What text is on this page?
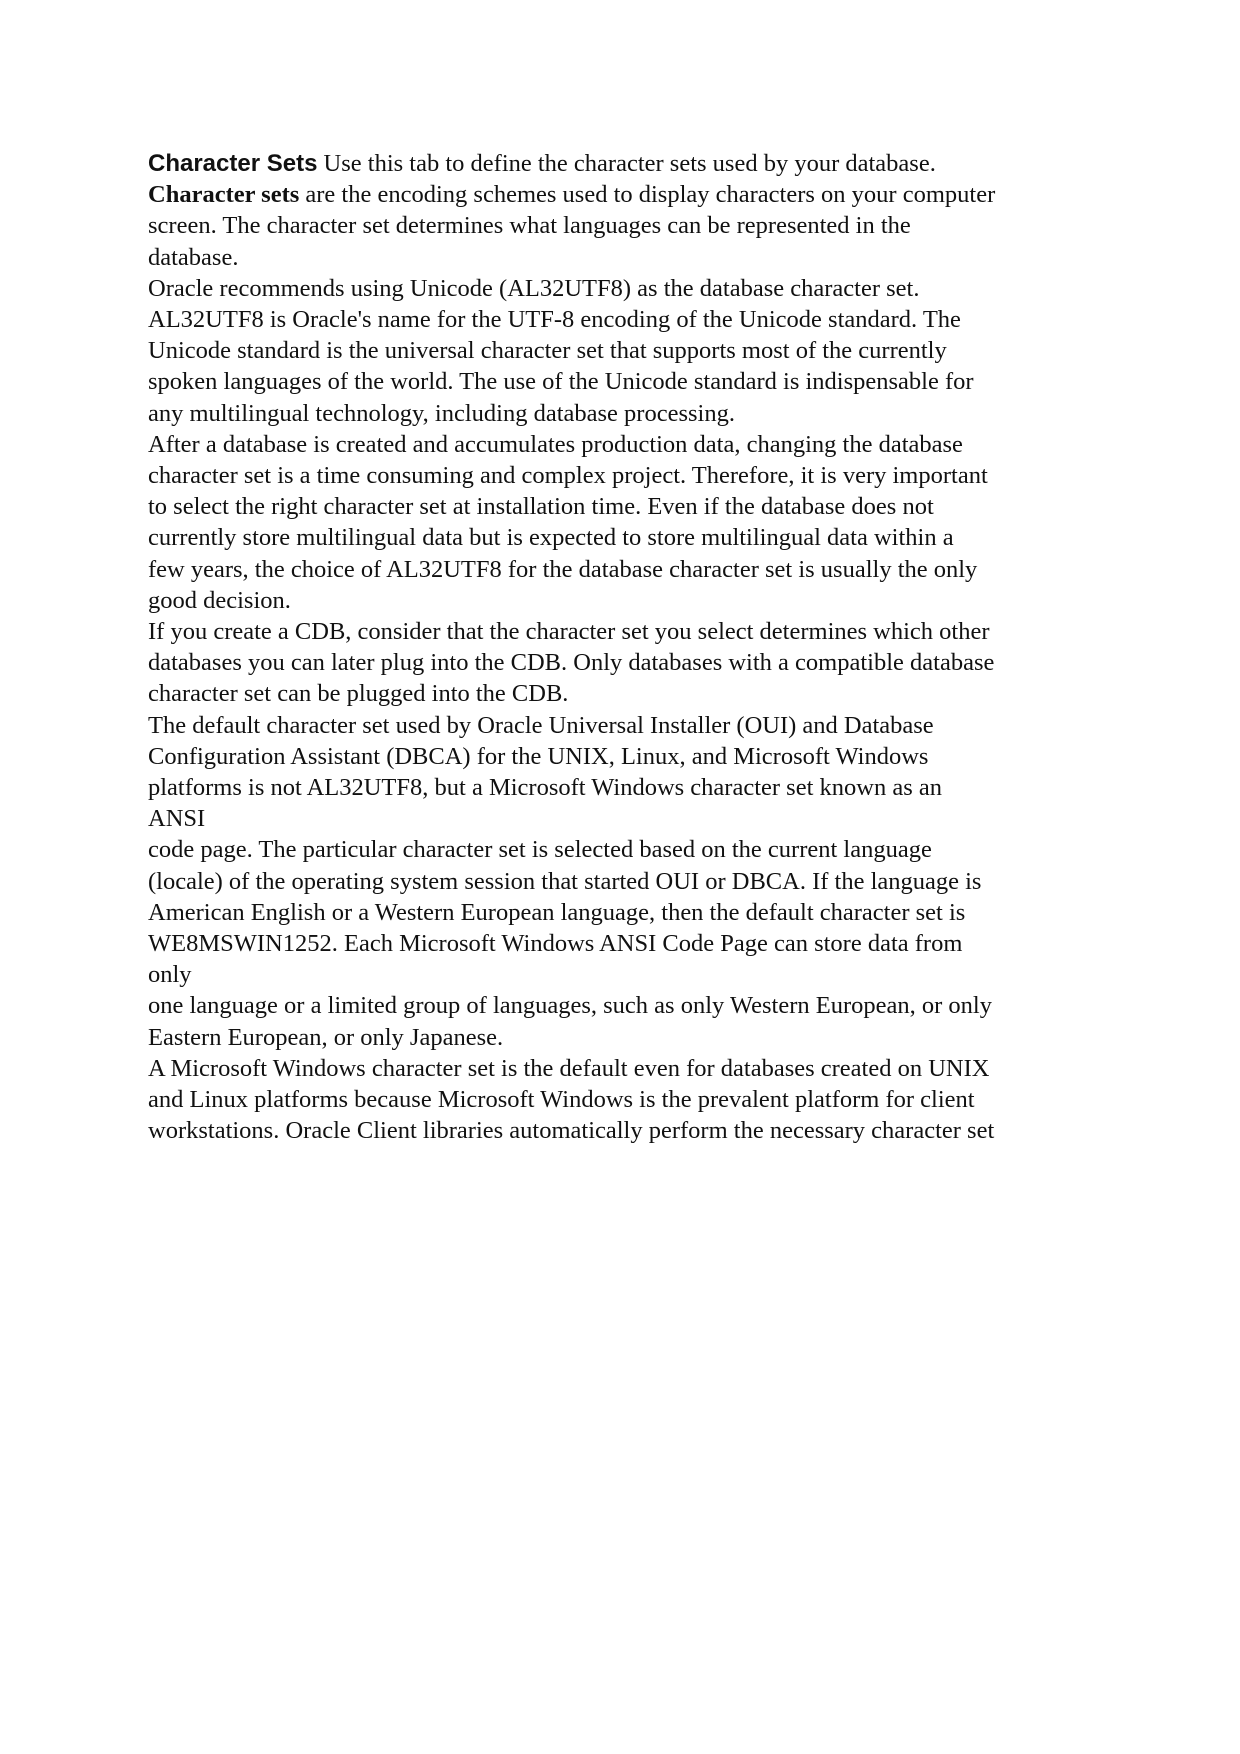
Character Sets Use this tab to define the character sets used by your database.
Character sets are the encoding schemes used to display characters on your computer
screen. The character set determines what languages can be represented in the
database.
Oracle recommends using Unicode (AL32UTF8) as the database character set.
AL32UTF8 is Oracle's name for the UTF-8 encoding of the Unicode standard. The
Unicode standard is the universal character set that supports most of the currently
spoken languages of the world. The use of the Unicode standard is indispensable for
any multilingual technology, including database processing.
After a database is created and accumulates production data, changing the database
character set is a time consuming and complex project. Therefore, it is very important
to select the right character set at installation time. Even if the database does not
currently store multilingual data but is expected to store multilingual data within a
few years, the choice of AL32UTF8 for the database character set is usually the only
good decision.
If you create a CDB, consider that the character set you select determines which other
databases you can later plug into the CDB. Only databases with a compatible database
character set can be plugged into the CDB.
The default character set used by Oracle Universal Installer (OUI) and Database
Configuration Assistant (DBCA) for the UNIX, Linux, and Microsoft Windows
platforms is not AL32UTF8, but a Microsoft Windows character set known as an
ANSI
code page. The particular character set is selected based on the current language
(locale) of the operating system session that started OUI or DBCA. If the language is
American English or a Western European language, then the default character set is
WE8MSWIN1252. Each Microsoft Windows ANSI Code Page can store data from
only
one language or a limited group of languages, such as only Western European, or only
Eastern European, or only Japanese.
A Microsoft Windows character set is the default even for databases created on UNIX
and Linux platforms because Microsoft Windows is the prevalent platform for client
workstations. Oracle Client libraries automatically perform the necessary character set
